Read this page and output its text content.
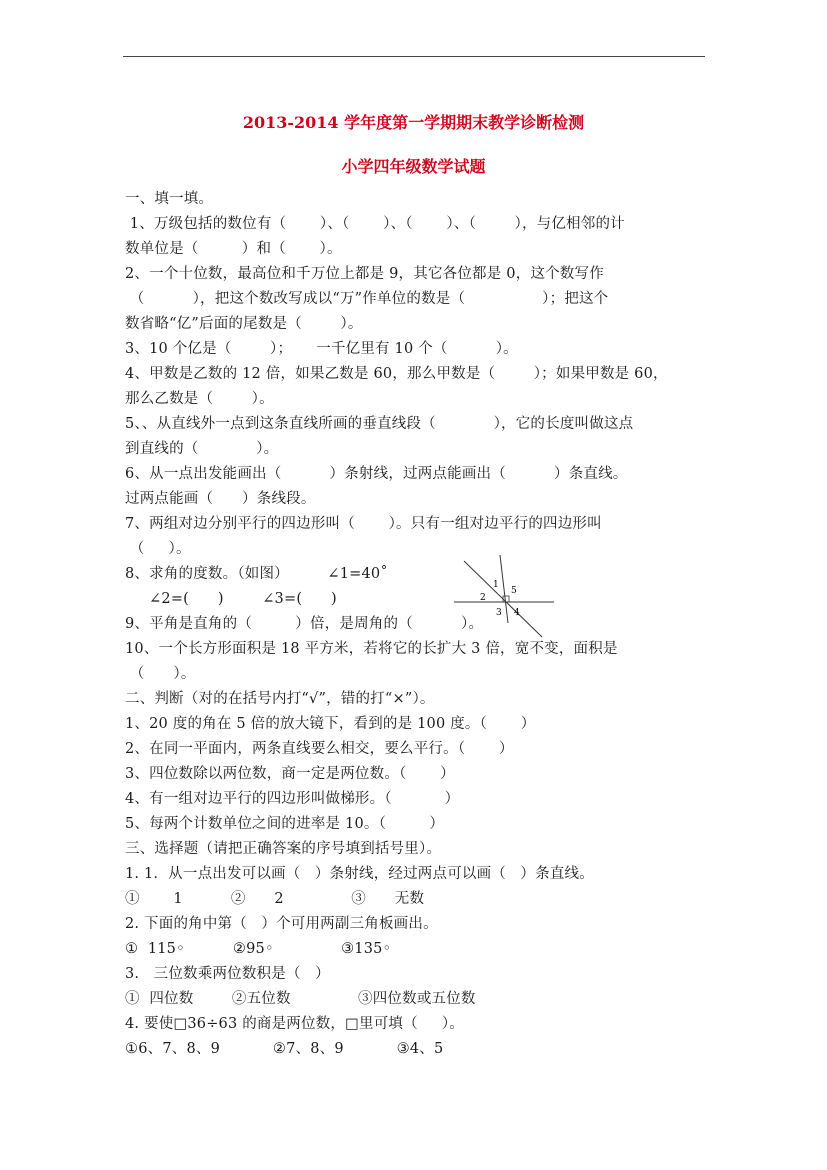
2013-2014 学年度第一学期期末教学诊断检测
小学四年级数学试题
一、填一填。
1、万级包括的数位有（       ）、（       ）、（       ）、（        ），与亿相邻的计
数单位是（         ）和（       ）。
2、一个十位数，最高位和千万位上都是 9，其它各位都是 0，这个数写作
（          ），把这个数改写成以“万”作单位的数是（                ）；把这个
数省略“亿”后面的尾数是（        ）。
3、10 个亿是（        ）；     一千亿里有 10 个（          ）。
4、甲数是乙数的 12 倍，如果乙数是 60，那么甲数是（        ）；如果甲数是 60，
那么乙数是（        ）。
5、、从直线外一点到这条直线所画的垂直线段（            ），它的长度叫做这点
到直线的（            ）。
6、从一点出发能画出（          ）条射线，过两点能画出（          ）条直线。
过两点能画（      ）条线段。
7、两组对边分别平行的四边形叫（       ）。只有一组对边平行的四边形叫
（     ）。
8、求角的度数。（如图）        ∠1=40˚
∠2=(      )        ∠3=(      )
9、平角是直角的（         ）倍，是周角的（          ）。
10、一个长方形面积是 18 平方米，若将它的长扩大 3 倍，宽不变，面积是
（      ）。
二、判断（对的在括号内打“√”，错的打“×”）。
1、20 度的角在 5 倍的放大镜下，看到的是 100 度。（       ）
2、在同一平面内，两条直线要么相交，要么平行。（       ）
3、四位数除以两位数，商一定是两位数。（       ）
4、有一组对边平行的四边形叫做梯形。（           ）
5、每两个计数单位之间的进率是 10。（         ）
三、选择题（请把正确答案的序号填到括号里）。
1. 1．从一点出发可以画（   ）条射线，经过两点可以画（   ）条直线。
①       1          ②      2              ③      无数
2. 下面的角中第（   ）个可用两副三角板画出。
①  115◦          ②95◦              ③135◦
3.   三位数乘两位数积是（   ）
①  四位数        ②五位数              ③四位数或五位数
4. 要使□36÷63 的商是两位数，□里可填（     ）。
①6、7、8、9           ②7、8、9           ③4、5
1
2
3 4
5
